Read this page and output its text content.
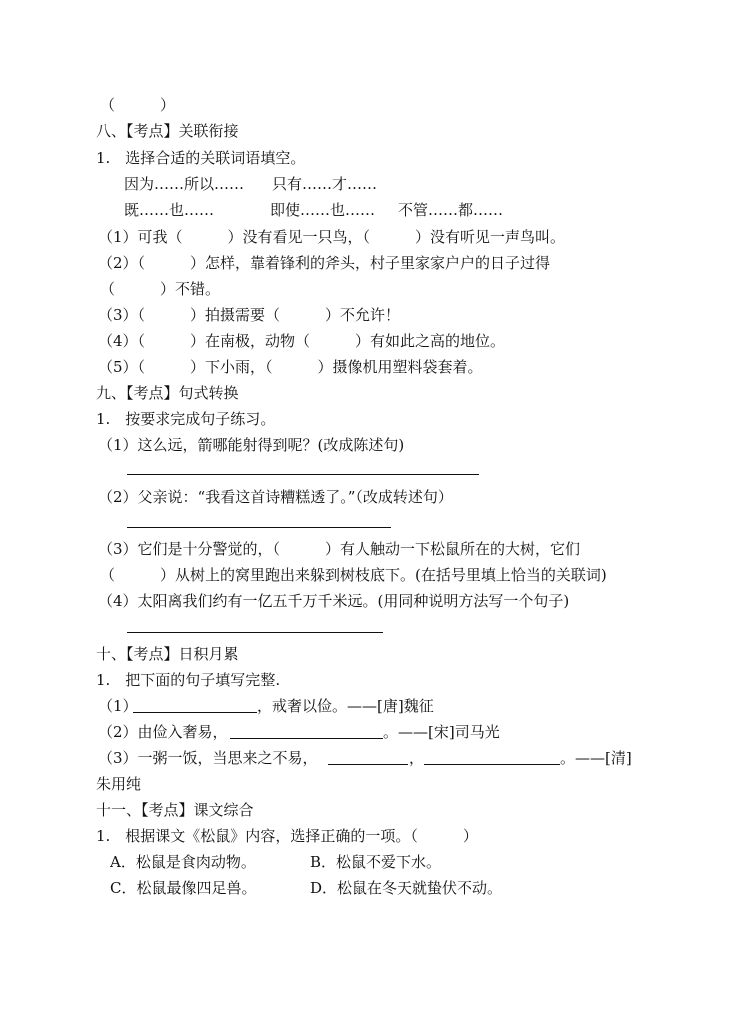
（　　　）
八、【考点】关联衔接
1.　选择合适的关联词语填空。
因为……所以…… 只有……才……
既……也……	即使……也…… 不管……都……
（1）可我（　　　）没有看见一只鸟，（　　　）没有听见一声鸟叫。
（2）（　　　）怎样，靠着锋利的斧头，村子里家家户户的日子过得
（　　　）不错。
（3）（　　　）拍摄需要（　　　）不允许！
（4）（　　　）在南极，动物（　　　）有如此之高的地位。
（5）（　　　）下小雨，（　　　）摄像机用塑料袋套着。
九、【考点】句式转换
1.　按要求完成句子练习。
（1）这么远，箭哪能射得到呢？(改成陈述句)
（2）父亲说：“我看这首诗糟糕透了。”（改成转述句）
（3）它们是十分警觉的，（　　　）有人触动一下松鼠所在的大树，它们
（　　　）从树上的窝里跑出来躲到树枝底下。(在括号里填上恰当的关联词)
（4）太阳离我们约有一亿五千万千米远。(用同种说明方法写一个句子)
十、【考点】日积月累
1.　把下面的句子填写完整.
（1）	，戒奢以俭。——[唐]魏征
（2）由俭入奢易，	。——[宋]司马光
（3）一粥一饭，当思来之不易，	，	。——[清]
朱用纯
十一、【考点】课文综合
1.　根据课文《松鼠》内容，选择正确的一项。（　　　）
A．松鼠是食肉动物。	B．松鼠不爱下水。
C．松鼠最像四足兽。	D．松鼠在冬天就蛰伏不动。
